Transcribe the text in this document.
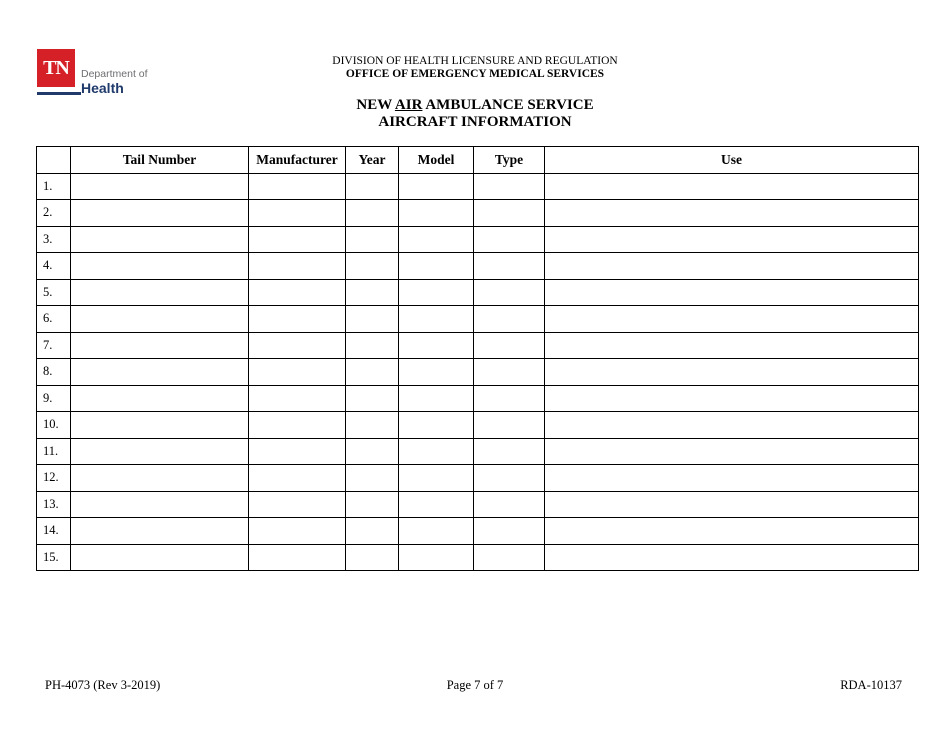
TN	Department of
Health
DIVISION OF HEALTH LICENSURE AND REGULATION
OFFICE OF EMERGENCY MEDICAL SERVICES
NEW AIR AMBULANCE SERVICE
AIRCRAFT INFORMATION
	Tail Number	Manufacturer	Year	Model	Type	Use
1.						
2.						
3.						
4.						
5.						
6.						
7.						
8.						
9.						
10.						
11.						
12.						
13.						
14.						
15.						
PH-4073 (Rev 3-2019)	Page 7 of 7	RDA-10137
